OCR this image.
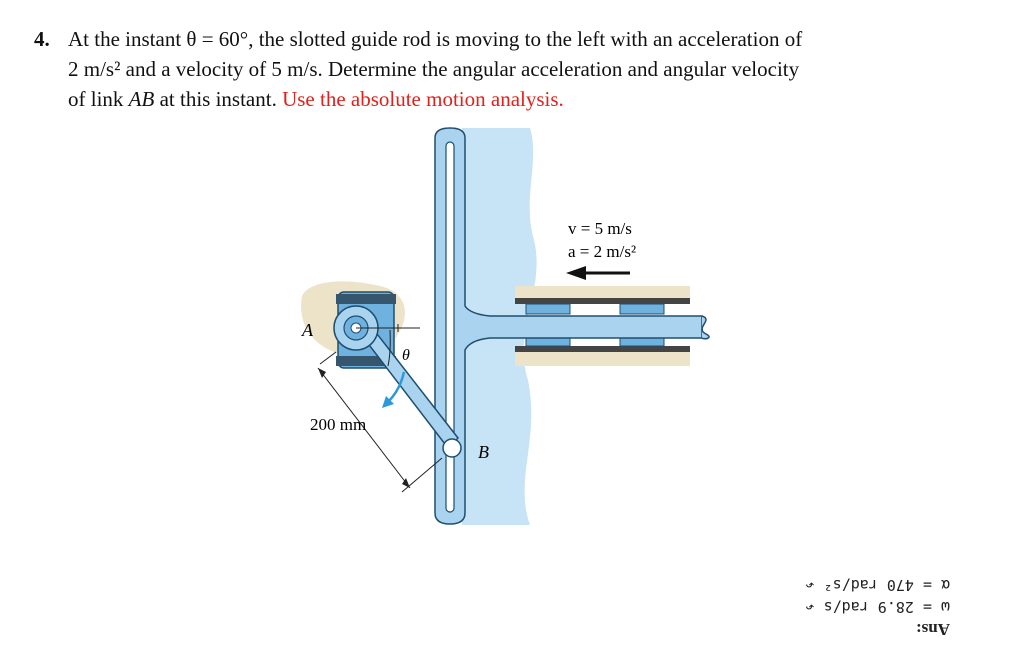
4. At the instant θ = 60°, the slotted guide rod is moving to the left with an acceleration of
2 m/s² and a velocity of 5 m/s. Determine the angular acceleration and angular velocity
of link AB at this instant. Use the absolute motion analysis.
θ
200 mm
A
B
v = 5 m/s
a = 2 m/s²
Ans:
ω = 28.9 rad/s ↶
α = 470 rad/s² ↶
